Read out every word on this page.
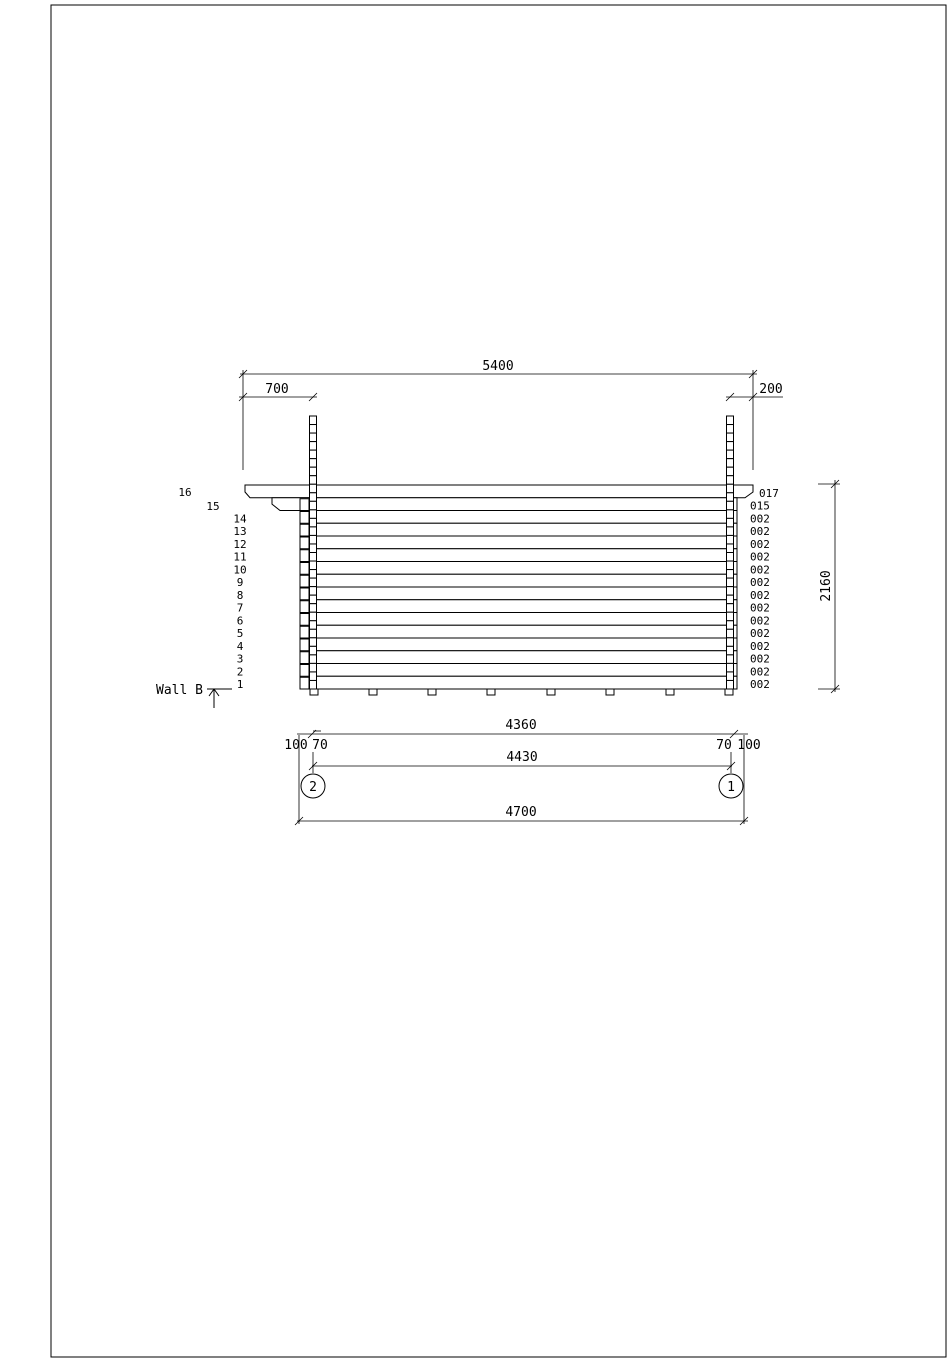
16	017
15	015
14	002
13	002
12	002
11	002
10	002
9	002
8	002
7	002
6	002
5	002
4	002
3	002
2	002
1	002
5400
700	200
2160
Wall B
4360
100 70	70 100
4430
2	1
4700
